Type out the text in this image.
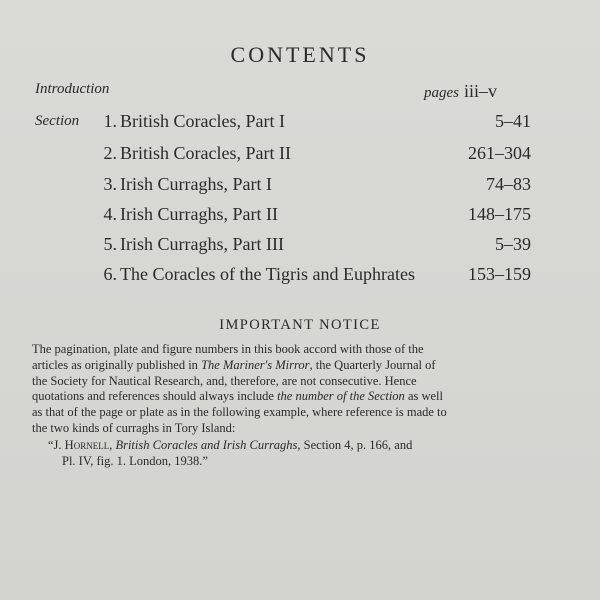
CONTENTS
Introduction	pages iii–v
Section	1. British Coracles, Part I	5–41
2. British Coracles, Part II	261–304
3. Irish Curraghs, Part I	74–83
4. Irish Curraghs, Part II	148–175
5. Irish Curraghs, Part III	5–39
6. The Coracles of the Tigris and Euphrates	153–159
IMPORTANT NOTICE
The pagination, plate and figure numbers in this book accord with those of the
articles as originally published in The Mariner's Mirror, the Quarterly Journal of
the Society for Nautical Research, and, therefore, are not consecutive. Hence
quotations and references should always include the number of the Section as well
as that of the page or plate as in the following example, where reference is made to
the two kinds of curraghs in Tory Island:
“J. Hornell, British Coracles and Irish Curraghs, Section 4, p. 166, and
Pl. IV, fig. 1. London, 1938.”
